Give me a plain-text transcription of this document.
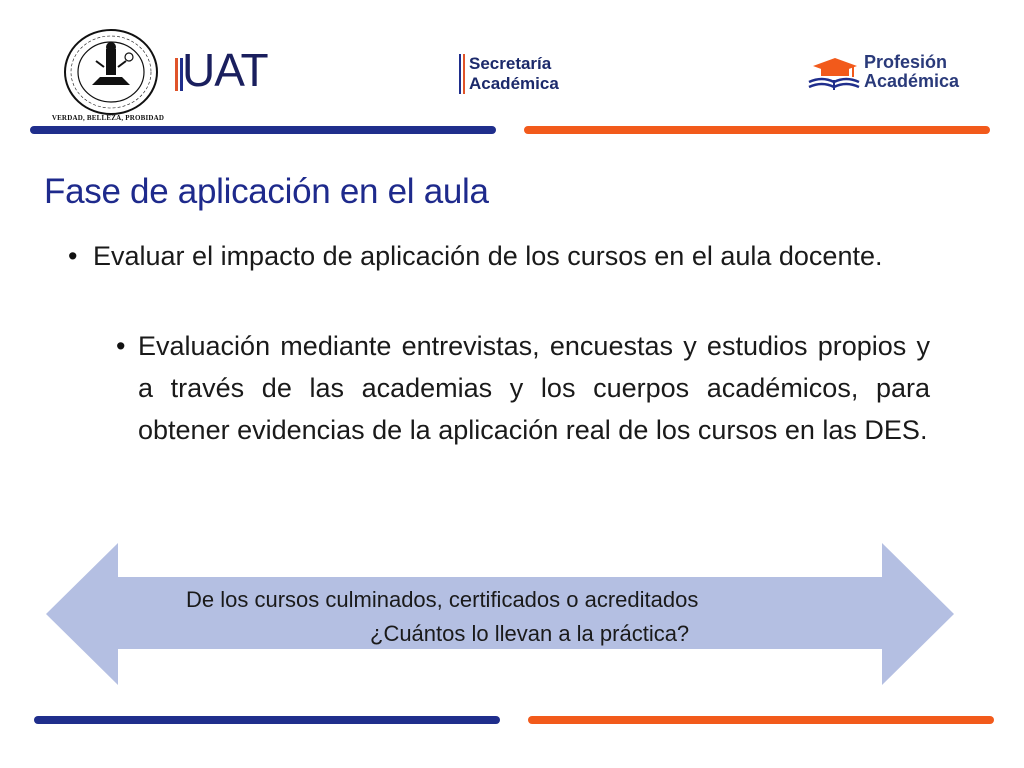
VERDAD, BELLEZA, PROBIDAD
UAT	Secretaría
Académica
Profesión
Académica
Fase de aplicación en el aula
• Evaluar el impacto de aplicación de los cursos en el aula docente.
• Evaluación mediante entrevistas, encuestas y estudios propios y a través de las academias y los cuerpos académicos, para obtener evidencias de la aplicación real de los cursos en las DES.
De los cursos culminados, certificados o acreditados
¿Cuántos lo llevan a la práctica?
